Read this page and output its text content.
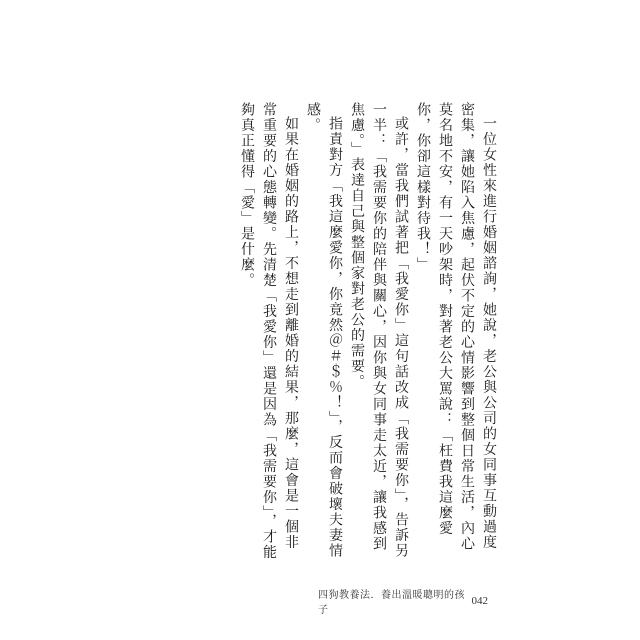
一位女性來進行婚姻諮詢，她說，老公與公司的女同事互動過度密集，讓她陷入焦慮，起伏不定的心情影響到整個日常生活，內心莫名地不安，有一天吵架時，對著老公大罵說：「枉費我這麼愛你，你卻這樣對待我！」

或許，當我們試著把「我愛你」這句話改成「我需要你」，告訴另一半：「我需要你的陪伴與關心，因你與女同事走太近，讓我感到焦慮。」表達自己與整個家對老公的需要。

指責對方「我這麼愛你，你竟然＠＃＄％！」，反而會破壞夫妻情感。

如果在婚姻的路上，不想走到離婚的結果，那麼，這會是一個非常重要的心態轉變。先清楚「我愛你」還是因為「我需要你」，才能夠真正懂得「愛」是什麼。

四狗教養法．養出溫暖聰明的孩子
042
